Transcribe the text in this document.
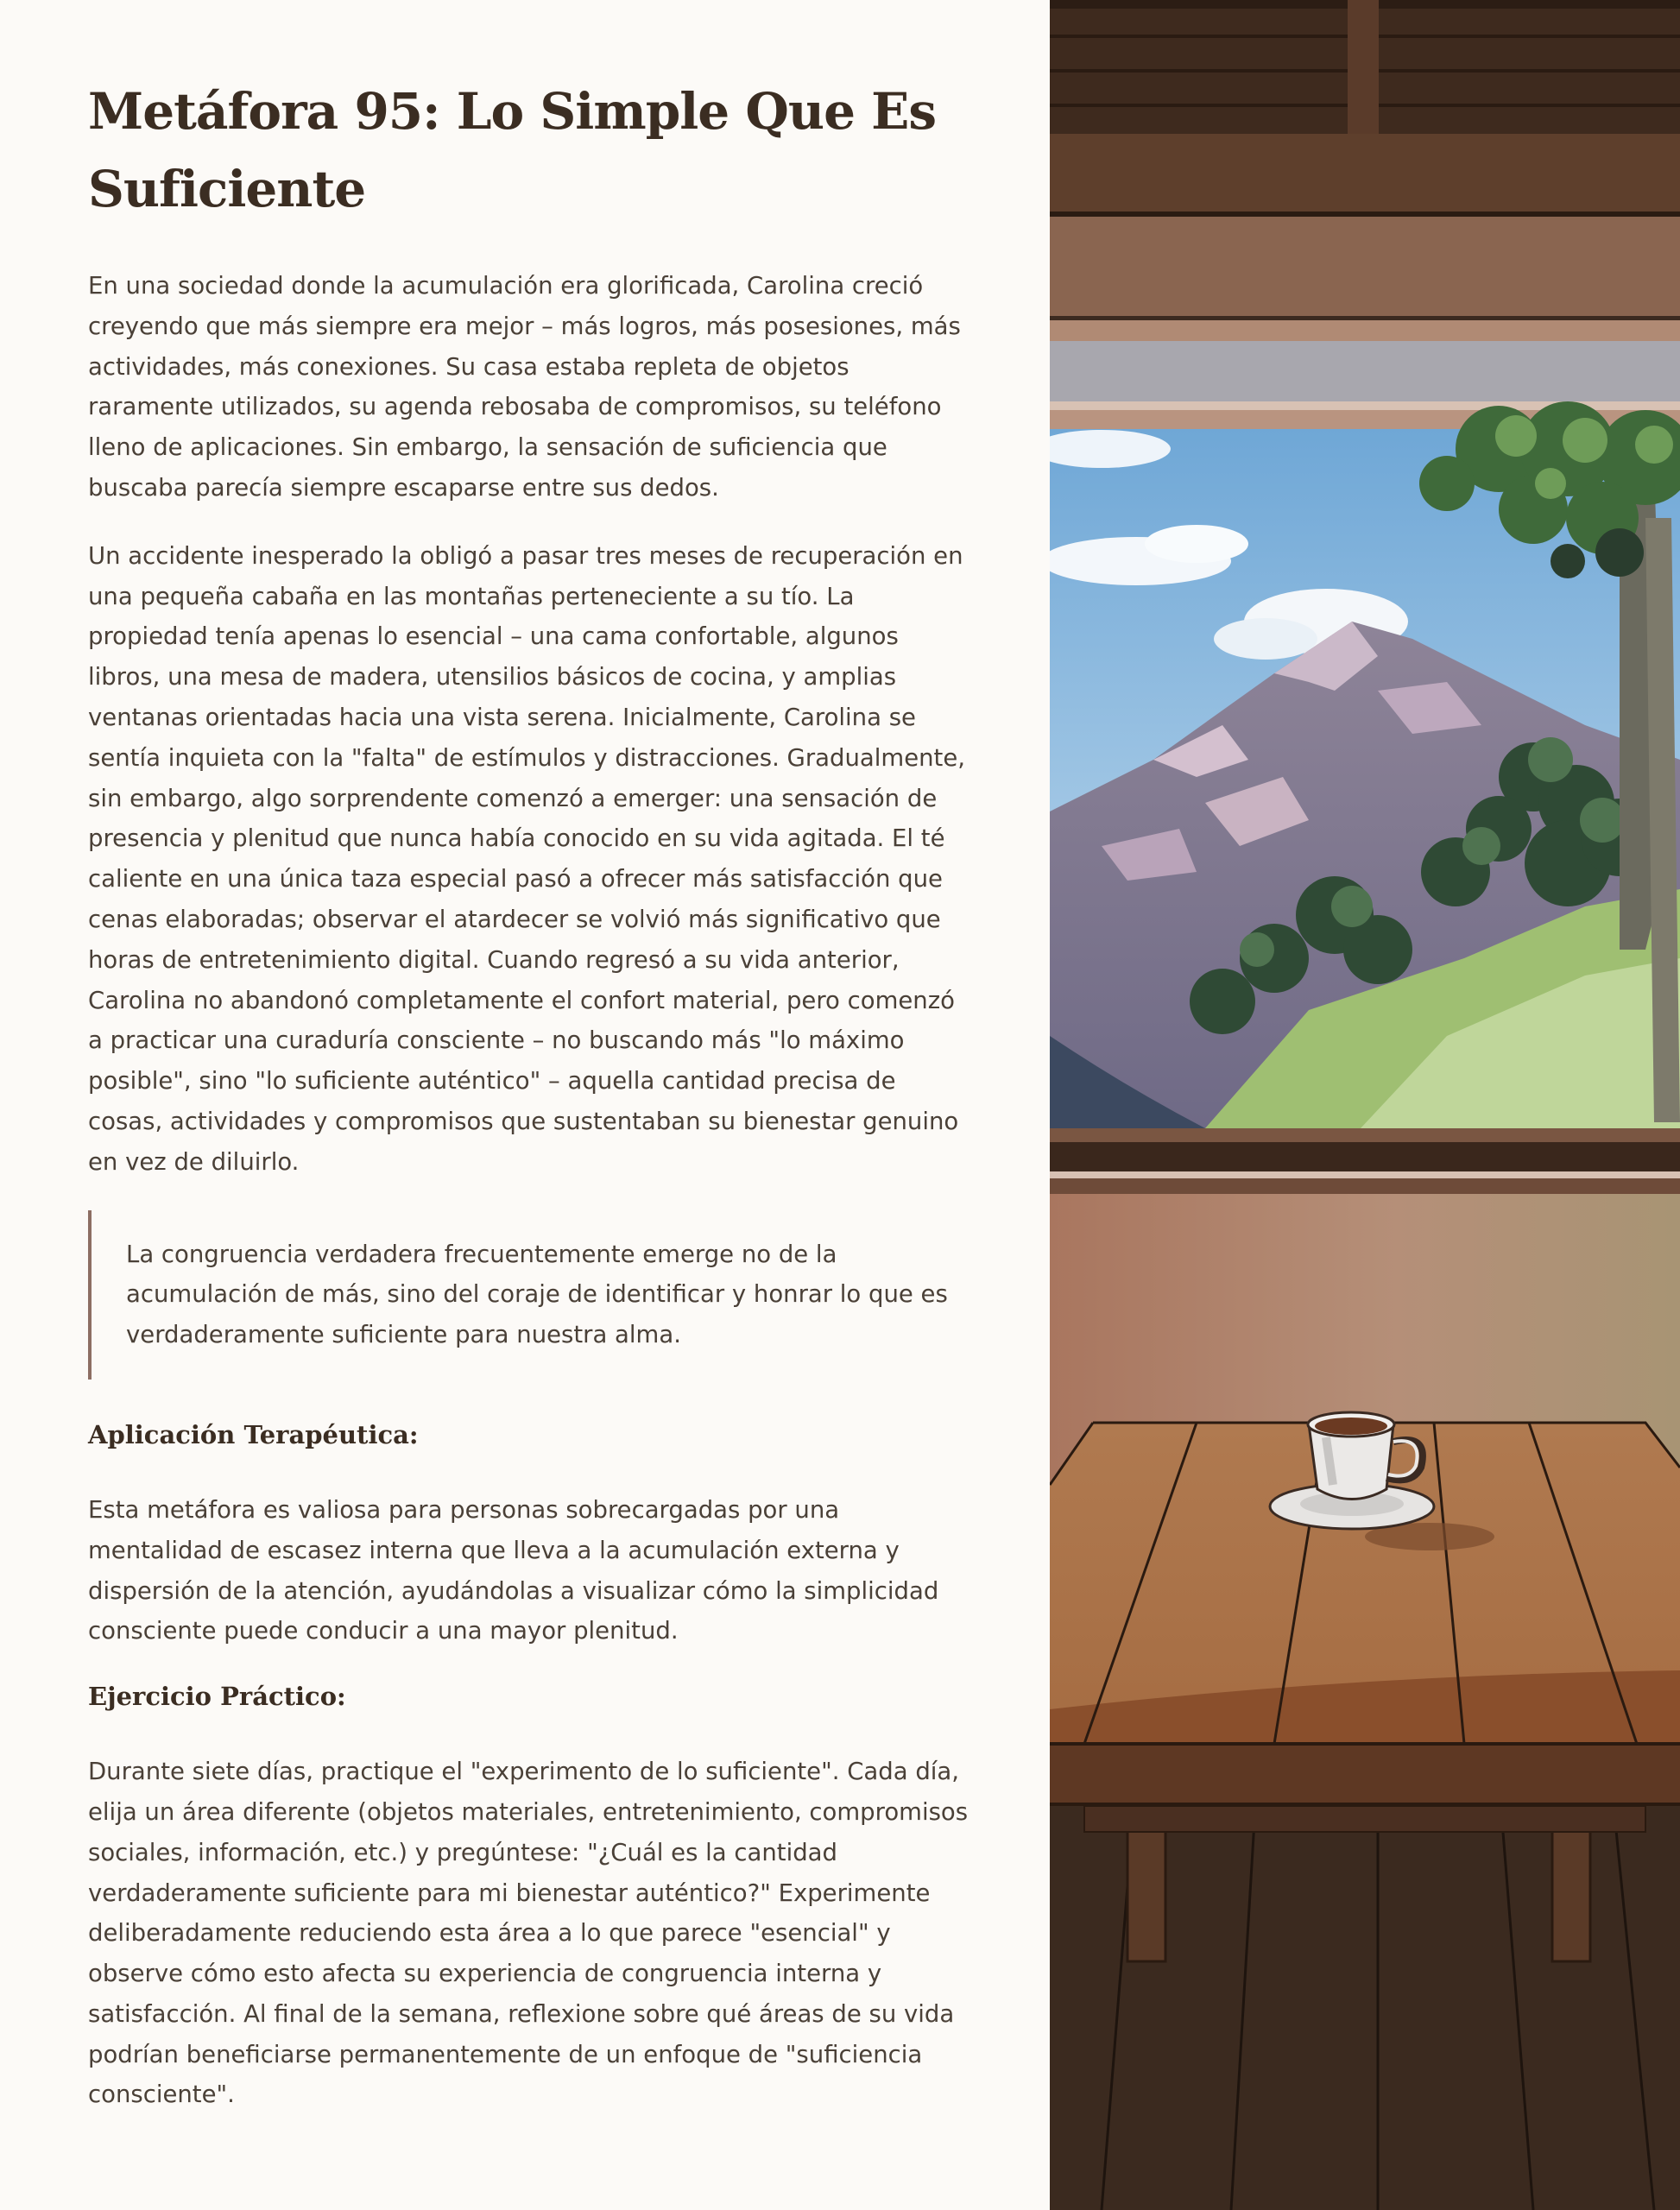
Metáfora 95: Lo Simple Que Es Suficiente

En una sociedad donde la acumulación era glorificada, Carolina creció creyendo que más siempre era mejor – más logros, más posesiones, más actividades, más conexiones. Su casa estaba repleta de objetos raramente utilizados, su agenda rebosaba de compromisos, su teléfono lleno de aplicaciones. Sin embargo, la sensación de suficiencia que buscaba parecía siempre escaparse entre sus dedos.

Un accidente inesperado la obligó a pasar tres meses de recuperación en una pequeña cabaña en las montañas perteneciente a su tío. La propiedad tenía apenas lo esencial – una cama confortable, algunos libros, una mesa de madera, utensilios básicos de cocina, y amplias ventanas orientadas hacia una vista serena. Inicialmente, Carolina se sentía inquieta con la "falta" de estímulos y distracciones. Gradualmente, sin embargo, algo sorprendente comenzó a emerger: una sensación de presencia y plenitud que nunca había conocido en su vida agitada. El té caliente en una única taza especial pasó a ofrecer más satisfacción que cenas elaboradas; observar el atardecer se volvió más significativo que horas de entretenimiento digital. Cuando regresó a su vida anterior, Carolina no abandonó completamente el confort material, pero comenzó a practicar una curaduría consciente – no buscando más "lo máximo posible", sino "lo suficiente auténtico" – aquella cantidad precisa de cosas, actividades y compromisos que sustentaban su bienestar genuino en vez de diluirlo.

La congruencia verdadera frecuentemente emerge no de la acumulación de más, sino del coraje de identificar y honrar lo que es verdaderamente suficiente para nuestra alma.

Aplicación Terapéutica:

Esta metáfora es valiosa para personas sobrecargadas por una mentalidad de escasez interna que lleva a la acumulación externa y dispersión de la atención, ayudándolas a visualizar cómo la simplicidad consciente puede conducir a una mayor plenitud.

Ejercicio Práctico:

Durante siete días, practique el "experimento de lo suficiente". Cada día, elija un área diferente (objetos materiales, entretenimiento, compromisos sociales, información, etc.) y pregúntese: "¿Cuál es la cantidad verdaderamente suficiente para mi bienestar auténtico?" Experimente deliberadamente reduciendo esta área a lo que parece "esencial" y observe cómo esto afecta su experiencia de congruencia interna y satisfacción. Al final de la semana, reflexione sobre qué áreas de su vida podrían beneficiarse permanentemente de un enfoque de "suficiencia consciente".
